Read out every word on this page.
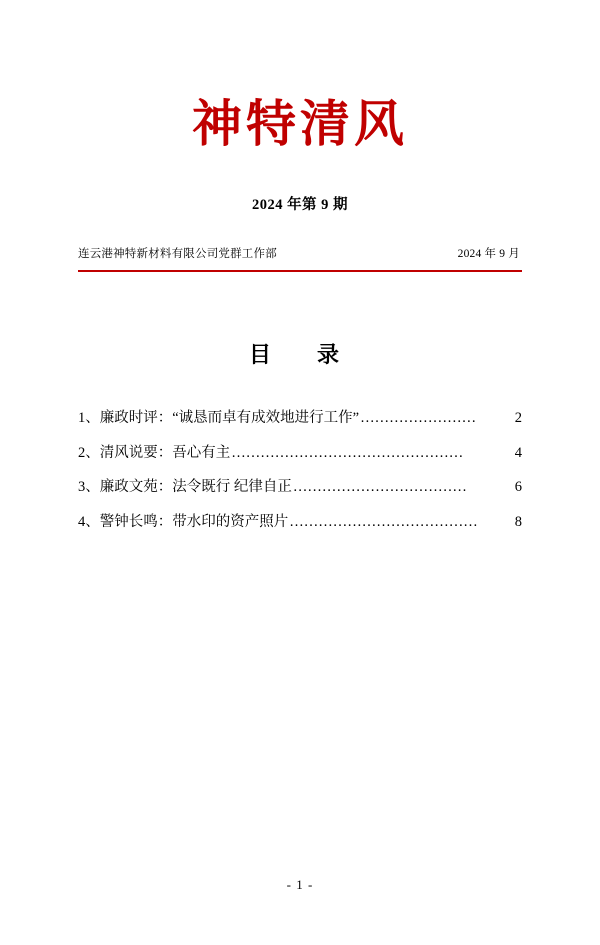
神特清风
2024 年第 9 期
连云港神特新材料有限公司党群工作部	2024 年 9 月
目　录
1、廉政时评：“诚恳而卓有成效地进行工作” ……………………	2
2、清风说要：吾心有主 …………………………………………	4
3、廉政文苑：法令既行 纪律自正 ………………………………	6
4、警钟长鸣：带水印的资产照片 …………………………………	8
- 1 -
